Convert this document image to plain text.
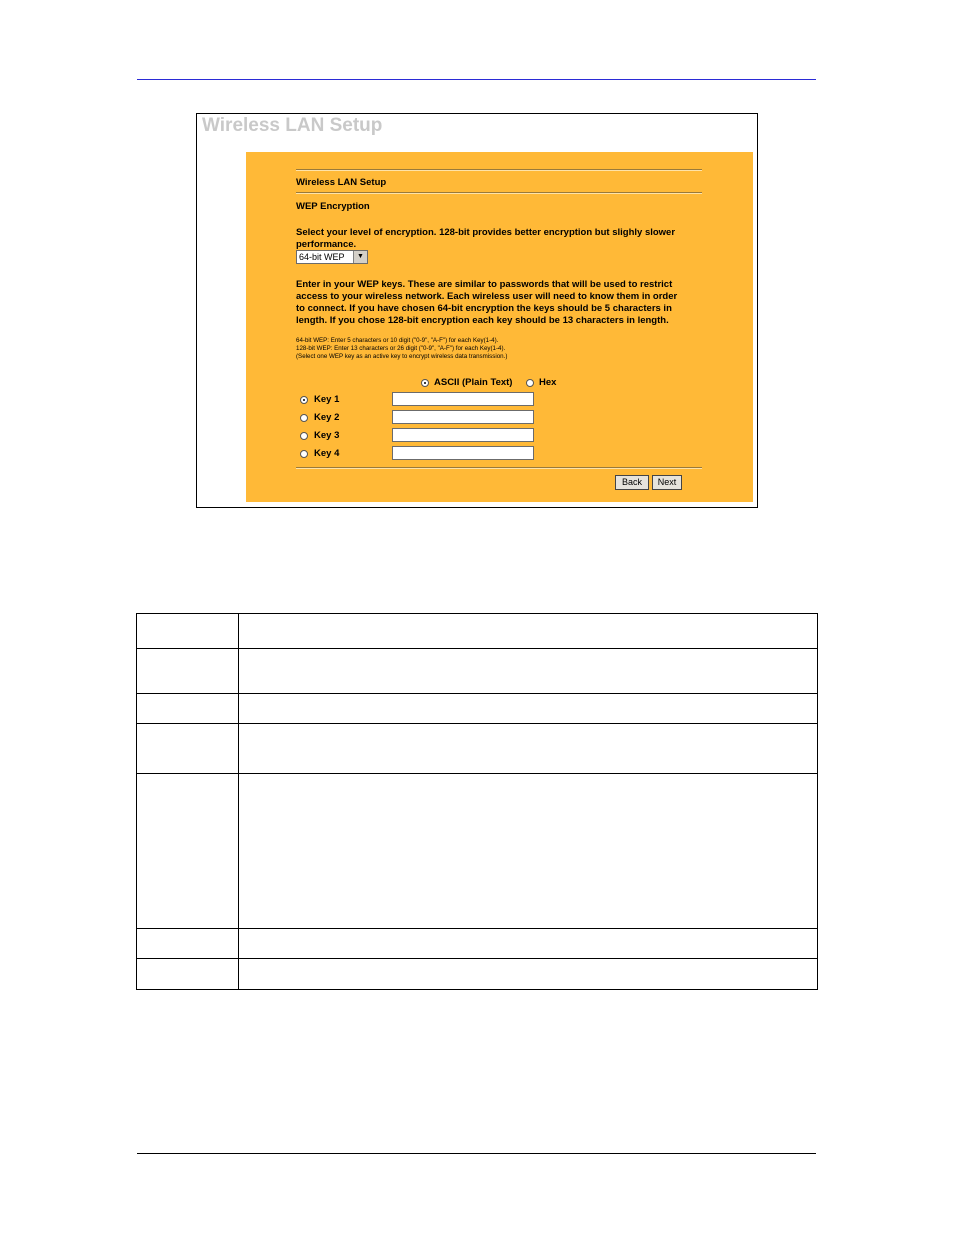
Wireless LAN Setup
Wireless LAN Setup
WEP Encryption
Select your level of encryption. 128-bit provides better encryption but slighly slower
performance.
64-bit WEP	▼
Enter in your WEP keys. These are similar to passwords that will be used to restrict
access to your wireless network. Each wireless user will need to know them in order
to connect. If you have chosen 64-bit encryption the keys should be 5 characters in
length. If you chose 128-bit encryption each key should be 13 characters in length.
64-bit WEP: Enter 5 characters or 10 digit ("0-9", "A-F") for each Key(1-4).
128-bit WEP: Enter 13 characters or 26 digit ("0-9", "A-F") for each Key(1-4).
(Select one WEP key as an active key to encrypt wireless data transmission.)
ASCII (Plain Text)	Hex
Key 1
Key 2
Key 3
Key 4
Back	Next
